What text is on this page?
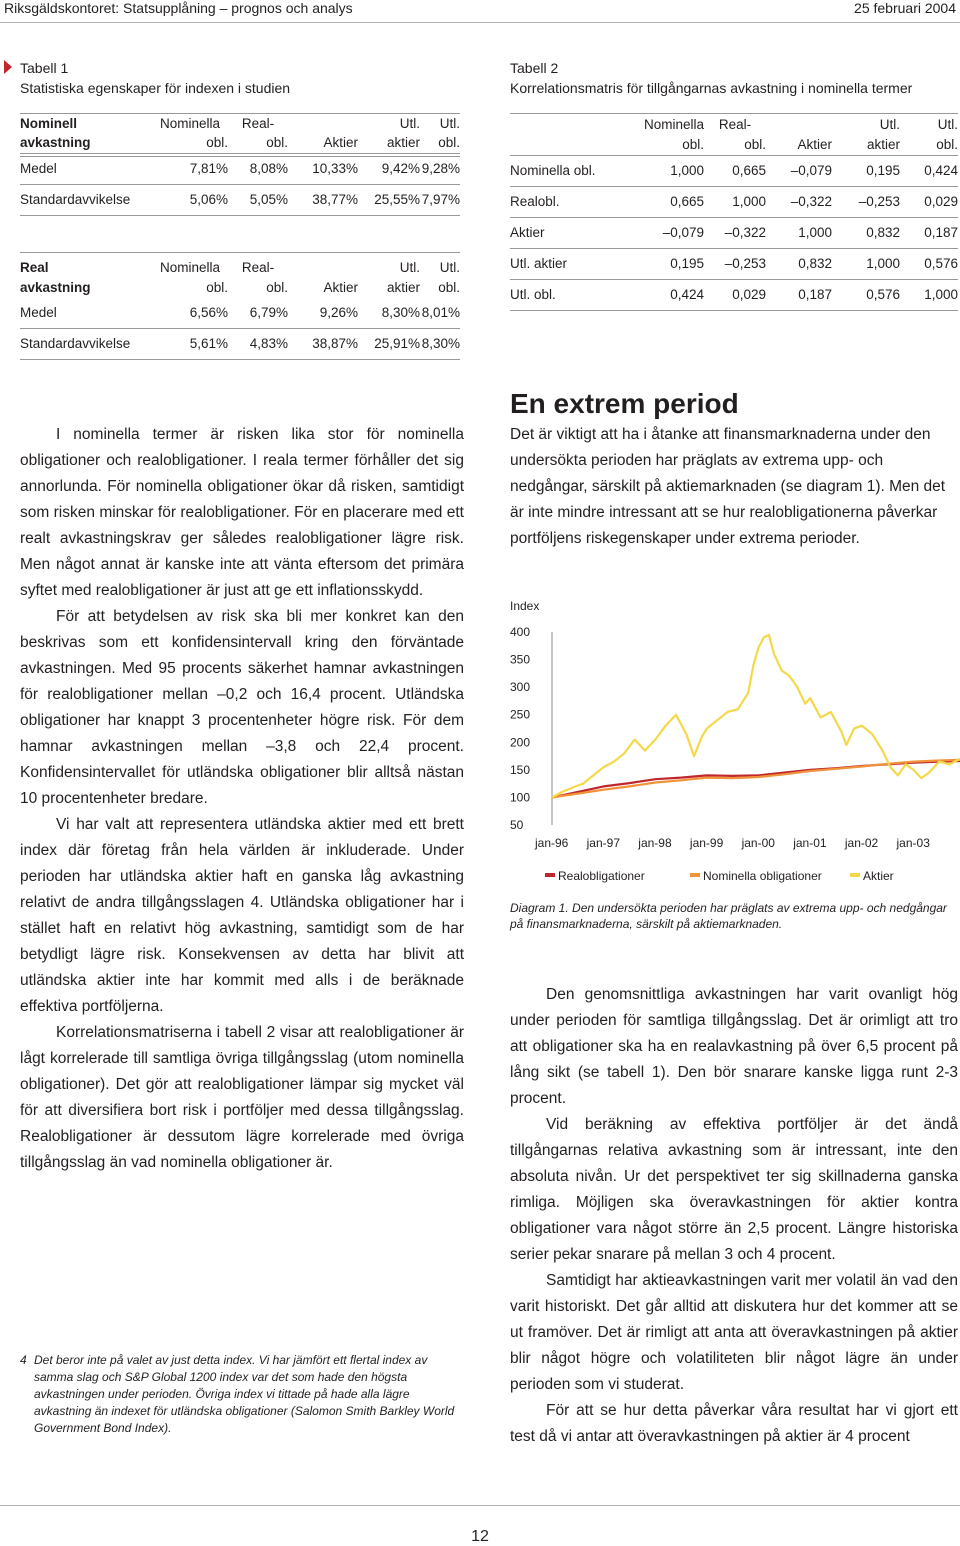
Riksgäldskontoret: Statsupplåning – prognos och analys	25 februari 2004
Tabell 1
Statistiska egenskaper för indexen i studien
Nominell	Nominella	Real-		Utl.	Utl.
avkastning	obl.	obl.	Aktier	aktier	obl.
Medel	7,81%	8,08%	10,33%	9,42%	9,28%
Standardavvikelse	5,06%	5,05%	38,77%	25,55%	7,97%
Real	Nominella	Real-		Utl.	Utl.
avkastning	obl.	obl.	Aktier	aktier	obl.
Medel	6,56%	6,79%	9,26%	8,30%	8,01%
Standardavvikelse	5,61%	4,83%	38,87%	25,91%	8,30%
Tabell 2
Korrelationsmatris för tillgångarnas avkastning i nominella termer
	Nominella	Real-		Utl.	Utl.
	obl.	obl.	Aktier	aktier	obl.
Nominella obl.	1,000	0,665	–0,079	0,195	0,424
Realobl.	0,665	1,000	–0,322	–0,253	0,029
Aktier	–0,079	–0,322	1,000	0,832	0,187
Utl. aktier	0,195	–0,253	0,832	1,000	0,576
Utl. obl.	0,424	0,029	0,187	0,576	1,000

I nominella termer är risken lika stor för nominella obligationer och realobligationer. I reala termer förhåller det sig annorlunda. För nominella obligationer ökar då risken, samtidigt som risken minskar för realobligationer. För en placerare med ett realt avkastningskrav ger således realobligationer lägre risk. Men något annat är kanske inte att vänta eftersom det primära syftet med realobligationer är just att ge ett inflationsskydd.

För att betydelsen av risk ska bli mer konkret kan den beskrivas som ett konfidensintervall kring den förväntade avkastningen. Med 95 procents säkerhet hamnar avkastningen för realobligationer mellan –0,2 och 16,4 procent. Utländska obligationer har knappt 3 procentenheter högre risk. För dem hamnar avkastningen mellan –3,8 och 22,4 procent. Konfidensintervallet för utländska obligationer blir alltså nästan 10 procentenheter bredare.

Vi har valt att representera utländska aktier med ett brett index där företag från hela världen är inkluderade. Under perioden har utländska aktier haft en ganska låg avkastning relativt de andra tillgångsslagen 4. Utländska obligationer har i stället haft en relativt hög avkastning, samtidigt som de har betydligt lägre risk. Konsekvensen av detta har blivit att utländska aktier inte har kommit med alls i de beräknade effektiva portföljerna.

Korrelationsmatriserna i tabell 2 visar att realobligationer är lågt korrelerade till samtliga övriga tillgångsslag (utom nominella obligationer). Det gör att realobligationer lämpar sig mycket väl för att diversifiera bort risk i portföljer med dessa tillgångsslag. Realobligationer är dessutom lägre korrelerade med övriga tillgångsslag än vad nominella obligationer är.

4 Det beror inte på valet av just detta index. Vi har jämfört ett flertal index av samma slag och S&P Global 1200 index var det som hade den högsta avkastningen under perioden. Övriga index vi tittade på hade alla lägre avkastning än indexet för utländska obligationer (Salomon Smith Barkley World Government Bond Index).
En extrem period

Det är viktigt att ha i åtanke att finansmarknaderna under den undersökta perioden har präglats av extrema upp- och nedgångar, särskilt på aktiemarknaden (se diagram 1). Men det är inte mindre intressant att se hur realobligationerna påverkar portföljens riskegenskaper under extrema perioder.

Index
400
350
300
250
200
150
100
50
jan-96 jan-97 jan-98 jan-99 jan-00 jan-01 jan-02 jan-03
Realobligationer	Nominella obligationer	Aktier
Diagram 1. Den undersökta perioden har präglats av extrema upp- och nedgångar på finansmarknaderna, särskilt på aktiemarknaden.

Den genomsnittliga avkastningen har varit ovanligt hög under perioden för samtliga tillgångsslag. Det är orimligt att tro att obligationer ska ha en realavkastning på över 6,5 procent på lång sikt (se tabell 1). Den bör snarare kanske ligga runt 2-3 procent.

Vid beräkning av effektiva portföljer är det ändå tillgångarnas relativa avkastning som är intressant, inte den absoluta nivån. Ur det perspektivet ter sig skillnaderna ganska rimliga. Möjligen ska överavkastningen för aktier kontra obligationer vara något större än 2,5 procent. Längre historiska serier pekar snarare på mellan 3 och 4 procent.

Samtidigt har aktieavkastningen varit mer volatil än vad den varit historiskt. Det går alltid att diskutera hur det kommer att se ut framöver. Det är rimligt att anta att överavkastningen på aktier blir något högre och volatiliteten blir något lägre än under perioden som vi studerat.

För att se hur detta påverkar våra resultat har vi gjort ett test då vi antar att överavkastningen på aktier är 4 procent

12
